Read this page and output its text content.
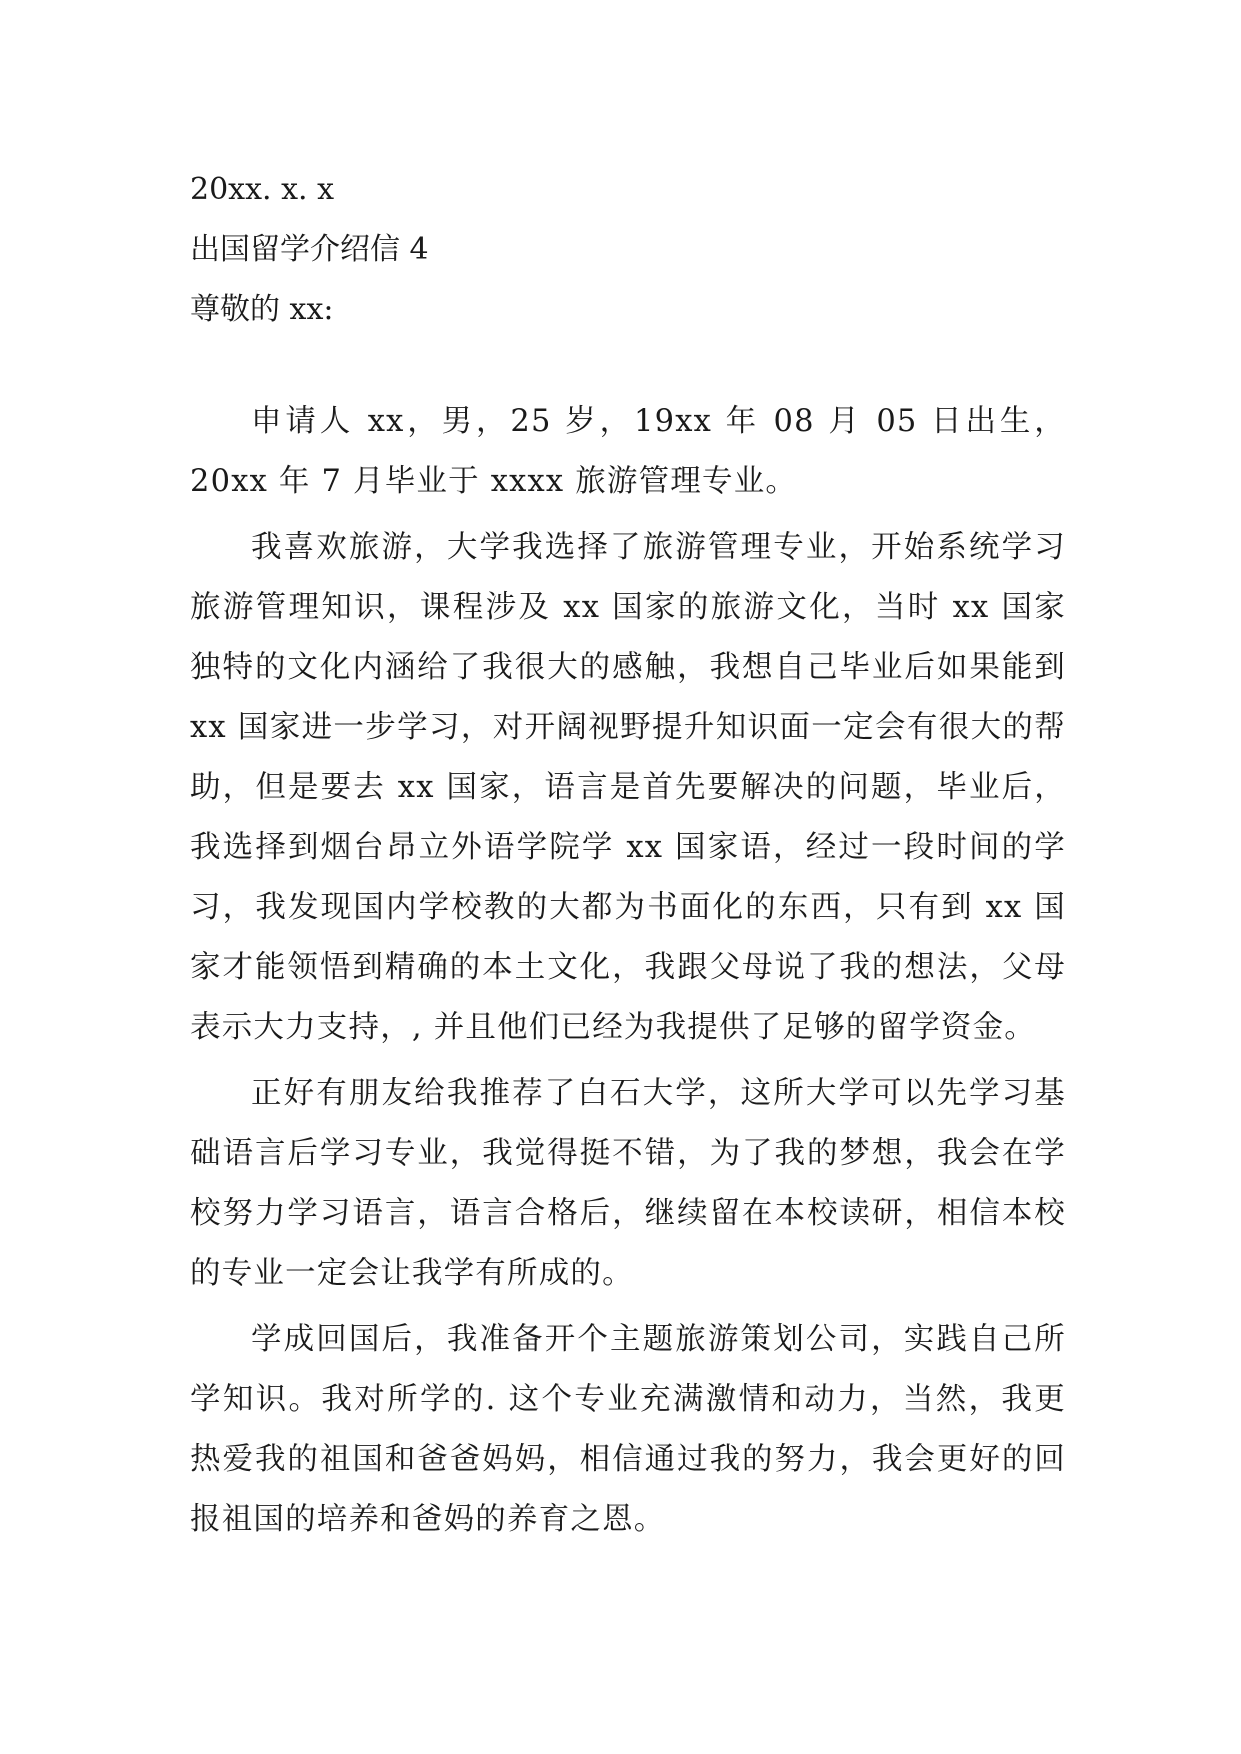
20xx. x. x
出国留学介绍信 4
尊敬的 xx:

申请人 xx，男，25 岁，19xx 年 08 月 05 日出生，20xx 年 7 月毕业于 xxxx 旅游管理专业。

我喜欢旅游，大学我选择了旅游管理专业，开始系统学习旅游管理知识，课程涉及 xx 国家的旅游文化，当时 xx 国家独特的文化内涵给了我很大的感触，我想自己毕业后如果能到 xx 国家进一步学习，对开阔视野提升知识面一定会有很大的帮助，但是要去 xx 国家，语言是首先要解决的问题，毕业后，我选择到烟台昂立外语学院学 xx 国家语，经过一段时间的学习，我发现国内学校教的大都为书面化的东西，只有到 xx 国家才能领悟到精确的本土文化，我跟父母说了我的想法，父母表示大力支持，, 并且他们已经为我提供了足够的留学资金。

正好有朋友给我推荐了白石大学，这所大学可以先学习基础语言后学习专业，我觉得挺不错，为了我的梦想，我会在学校努力学习语言，语言合格后，继续留在本校读研，相信本校的专业一定会让我学有所成的。

学成回国后，我准备开个主题旅游策划公司，实践自己所学知识。我对所学的. 这个专业充满激情和动力，当然，我更热爱我的祖国和爸爸妈妈，相信通过我的努力，我会更好的回报祖国的培养和爸妈的养育之恩。
